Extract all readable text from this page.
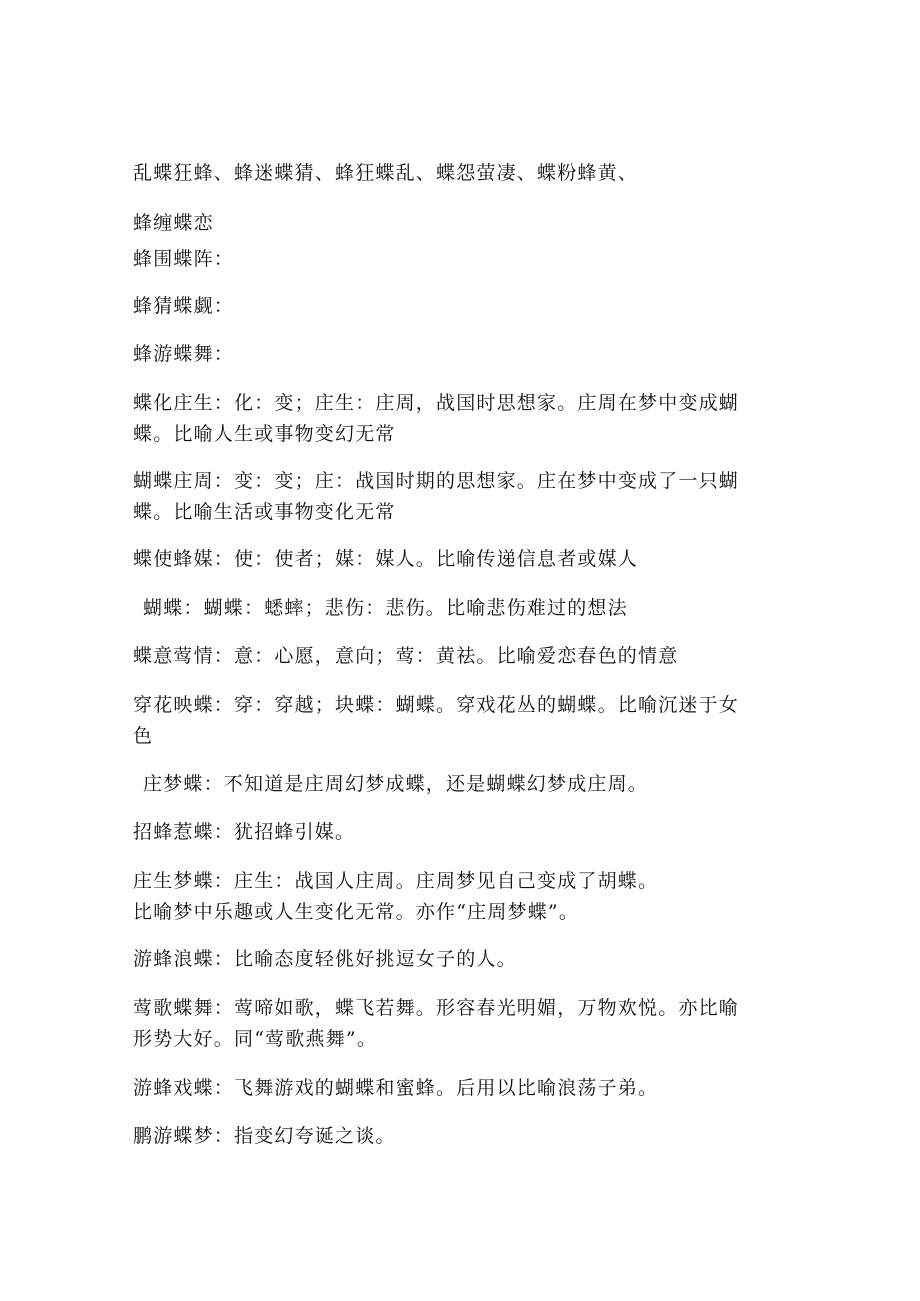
乱蝶狂蜂、蜂迷蝶猜、蜂狂蝶乱、蝶怨萤凄、蝶粉蜂黄、
蜂缠蝶恋
蜂围蝶阵：
蜂猜蝶觑：
蜂游蝶舞：
蝶化庄生：化：变；庄生：庄周，战国时思想家。庄周在梦中变成蝴
蝶。比喻人生或事物变幻无常
蝴蝶庄周：变：变；庄：战国时期的思想家。庄在梦中变成了一只蝴
蝶。比喻生活或事物变化无常
蝶使蜂媒：使：使者；媒：媒人。比喻传递信息者或媒人
蝴蝶：蝴蝶：蟋蟀；悲伤：悲伤。比喻悲伤难过的想法
蝶意莺情：意：心愿，意向；莺：黄祛。比喻爱恋春色的情意
穿花映蝶：穿：穿越；块蝶：蝴蝶。穿戏花丛的蝴蝶。比喻沉迷于女
色
庄梦蝶：不知道是庄周幻梦成蝶，还是蝴蝶幻梦成庄周。
招蜂惹蝶：犹招蜂引媒。
庄生梦蝶：庄生：战国人庄周。庄周梦见自己变成了胡蝶。
比喻梦中乐趣或人生变化无常。亦作“庄周梦蝶”。
游蜂浪蝶：比喻态度轻佻好挑逗女子的人。
莺歌蝶舞：莺啼如歌，蝶飞若舞。形容春光明媚，万物欢悦。亦比喻
形势大好。同“莺歌燕舞”。
游蜂戏蝶：飞舞游戏的蝴蝶和蜜蜂。后用以比喻浪荡子弟。
鹏游蝶梦：指变幻夸诞之谈。
